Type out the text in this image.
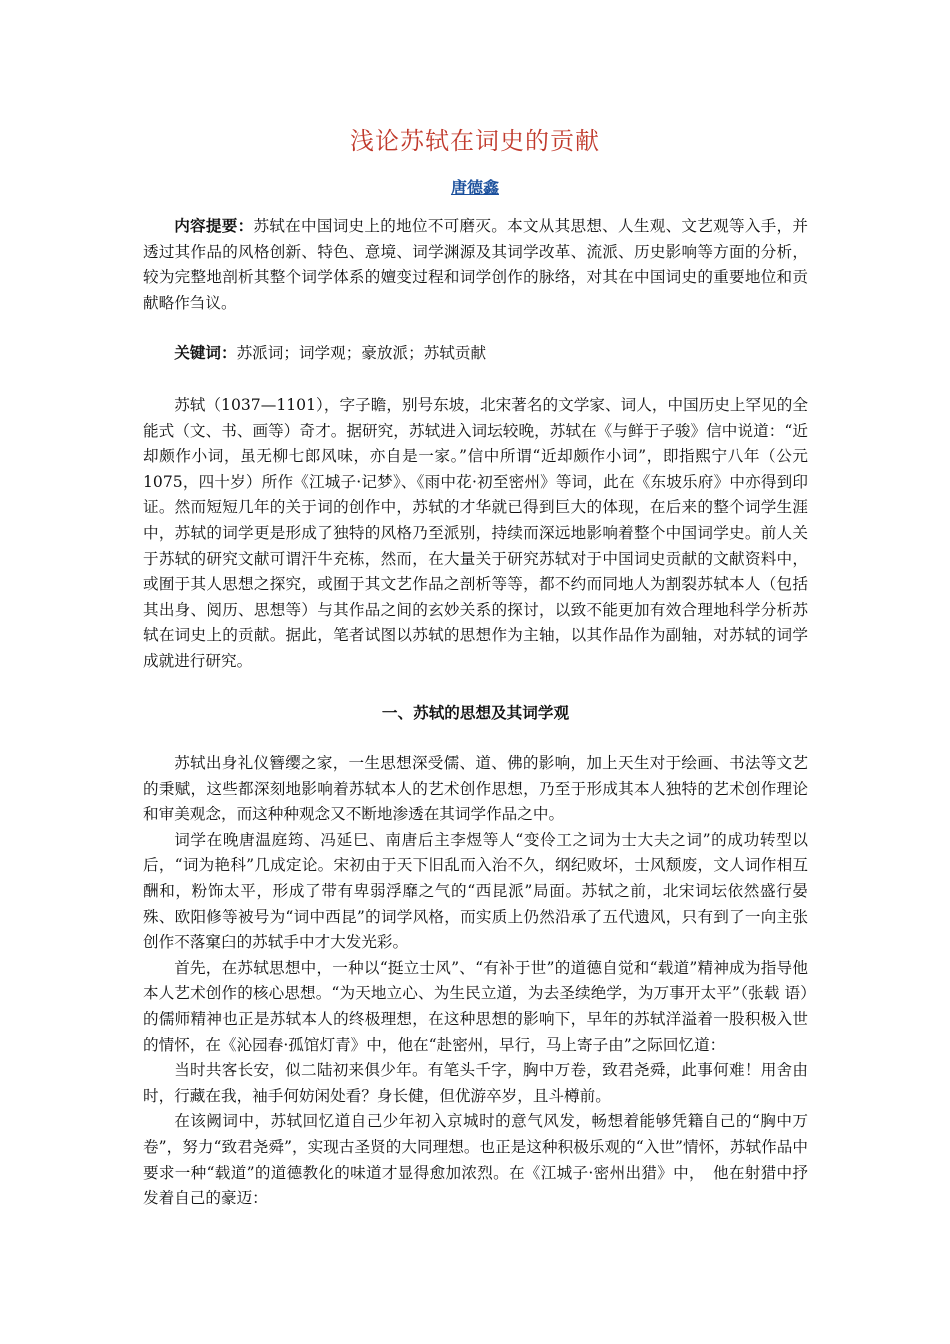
浅论苏轼在词史的贡献
唐德鑫

内容提要：苏轼在中国词史上的地位不可磨灭。本文从其思想、人生观、文艺观等入手，并透过其作品的风格创新、特色、意境、词学渊源及其词学改革、流派、历史影响等方面的分析，较为完整地剖析其整个词学体系的嬗变过程和词学创作的脉络，对其在中国词史的重要地位和贡献略作刍议。

关键词：苏派词；词学观；豪放派；苏轼贡献

苏轼（1037—1101），字子瞻，别号东坡，北宋著名的文学家、词人，中国历史上罕见的全能式（文、书、画等）奇才。据研究，苏轼进入词坛较晚，苏轼在《与鲜于子骏》信中说道：“近却颇作小词，虽无柳七郎风味，亦自是一家。”信中所谓“近却颇作小词”，即指熙宁八年（公元1075，四十岁）所作《江城子·记梦》、《雨中花·初至密州》等词，此在《东坡乐府》中亦得到印证。然而短短几年的关于词的创作中，苏轼的才华就已得到巨大的体现，在后来的整个词学生涯中，苏轼的词学更是形成了独特的风格乃至派别，持续而深远地影响着整个中国词学史。前人关于苏轼的研究文献可谓汗牛充栋，然而，在大量关于研究苏轼对于中国词史贡献的文献资料中，或囿于其人思想之探究，或囿于其文艺作品之剖析等等，都不约而同地人为割裂苏轼本人（包括其出身、阅历、思想等）与其作品之间的玄妙关系的探讨，以致不能更加有效合理地科学分析苏轼在词史上的贡献。据此，笔者试图以苏轼的思想作为主轴，以其作品作为副轴，对苏轼的词学成就进行研究。

一、苏轼的思想及其词学观

苏轼出身礼仪簪缨之家，一生思想深受儒、道、佛的影响，加上天生对于绘画、书法等文艺的秉赋，这些都深刻地影响着苏轼本人的艺术创作思想，乃至于形成其本人独特的艺术创作理论和审美观念，而这种种观念又不断地渗透在其词学作品之中。

词学在晚唐温庭筠、冯延巳、南唐后主李煜等人“变伶工之词为士大夫之词”的成功转型以后，“词为艳科”几成定论。宋初由于天下旧乱而入治不久，纲纪败坏，士风颓废，文人词作相互酬和，粉饰太平，形成了带有卑弱浮靡之气的“西昆派”局面。苏轼之前，北宋词坛依然盛行晏殊、欧阳修等被号为“词中西昆”的词学风格，而实质上仍然沿承了五代遗风，只有到了一向主张创作不落窠臼的苏轼手中才大发光彩。

首先，在苏轼思想中，一种以“挺立士风”、“有补于世”的道德自觉和“载道”精神成为指导他本人艺术创作的核心思想。“为天地立心、为生民立道，为去圣续绝学，为万事开太平”（张载 语）的儒师精神也正是苏轼本人的终极理想，在这种思想的影响下，早年的苏轼洋溢着一股积极入世的情怀，在《沁园春·孤馆灯青》中，他在“赴密州，早行，马上寄子由”之际回忆道：

当时共客长安，似二陆初来俱少年。有笔头千字，胸中万卷，致君尧舜，此事何难！用舍由时，行藏在我，袖手何妨闲处看？身长健，但优游卒岁，且斗樽前。

在该阙词中，苏轼回忆道自己少年初入京城时的意气风发，畅想着能够凭籍自己的“胸中万卷”，努力“致君尧舜”，实现古圣贤的大同理想。也正是这种积极乐观的“入世”情怀，苏轼作品中要求一种“载道”的道德教化的味道才显得愈加浓烈。在《江城子·密州出猎》中，　他在射猎中抒发着自己的豪迈：
